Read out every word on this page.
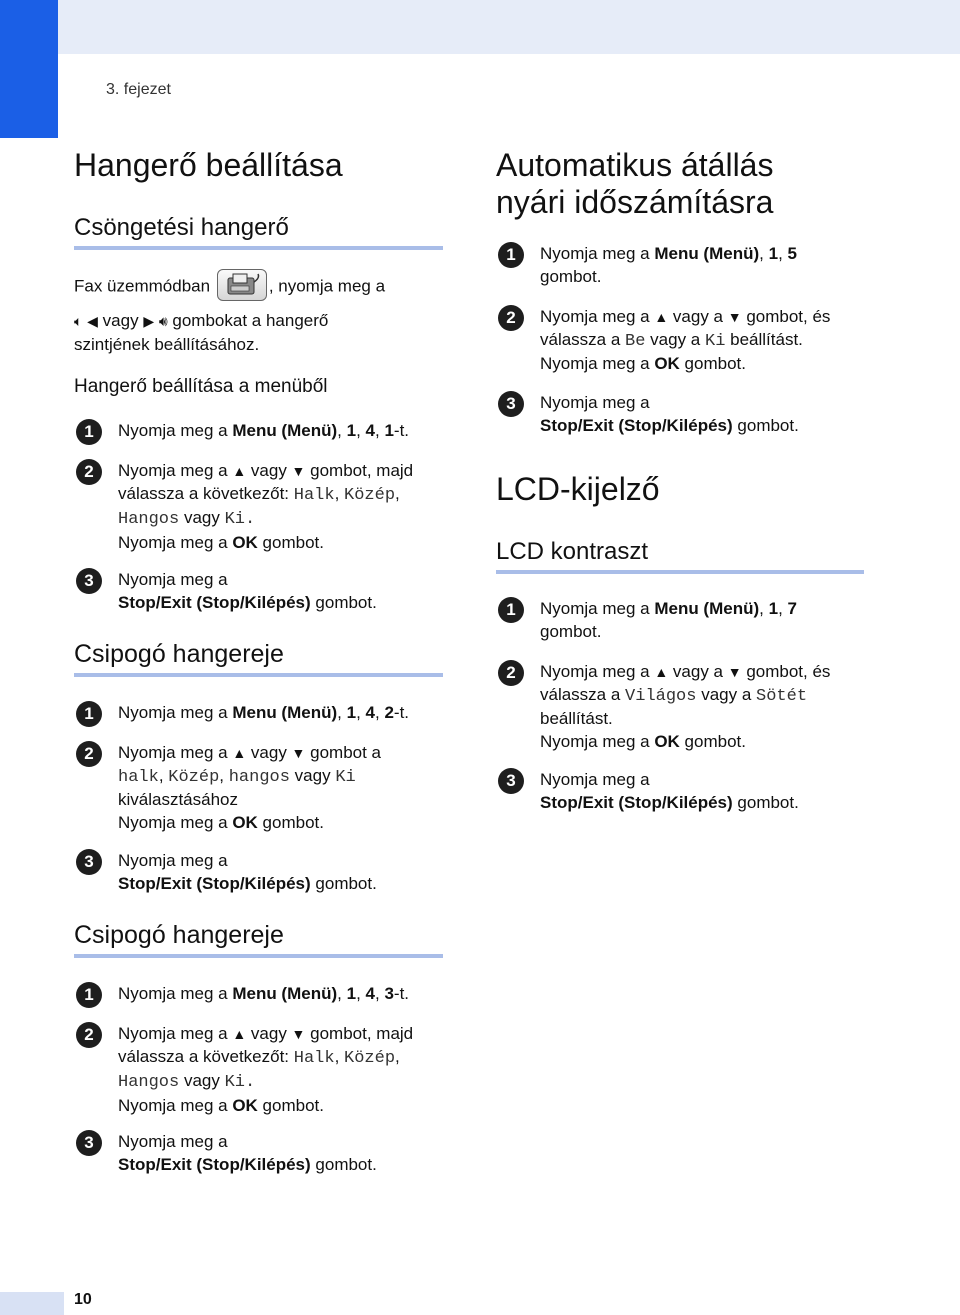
3. fejezet
Hangerő beállítása
Csöngetési hangerő
Fax üzemmódban	, nyomja meg a
🔈︎ ◀ vagy ▶ 🔊︎ gombokat a hangerő
szintjének beállításához.
Hangerő beállítása a menüből
1	Nyomja meg a Menu (Menü), 1, 4, 1-t.
2	Nyomja meg a ▲ vagy ▼ gombot, majd
válassza a következőt: Halk, Közép,
Hangos vagy Ki.
Nyomja meg a OK gombot.
3	Nyomja meg a
Stop/Exit (Stop/Kilépés) gombot.
Csipogó hangereje
1	Nyomja meg a Menu (Menü), 1, 4, 2-t.
2	Nyomja meg a ▲ vagy ▼ gombot a
halk, Közép, hangos vagy Ki
kiválasztásához
Nyomja meg a OK gombot.
3	Nyomja meg a
Stop/Exit (Stop/Kilépés) gombot.
Csipogó hangereje
1	Nyomja meg a Menu (Menü), 1, 4, 3-t.
2	Nyomja meg a ▲ vagy ▼ gombot, majd
válassza a következőt: Halk, Közép,
Hangos vagy Ki.
Nyomja meg a OK gombot.
3	Nyomja meg a
Stop/Exit (Stop/Kilépés) gombot.
Automatikus átállás
nyári időszámításra
1	Nyomja meg a Menu (Menü), 1, 5
gombot.
2	Nyomja meg a ▲ vagy a ▼ gombot, és
válassza a Be vagy a Ki beállítást.
Nyomja meg a OK gombot.
3	Nyomja meg a
Stop/Exit (Stop/Kilépés) gombot.
LCD-kijelző
LCD kontraszt
1	Nyomja meg a Menu (Menü), 1, 7
gombot.
2	Nyomja meg a ▲ vagy a ▼ gombot, és
válassza a Világos vagy a Sötét
beállítást.
Nyomja meg a OK gombot.
3	Nyomja meg a
Stop/Exit (Stop/Kilépés) gombot.
10
